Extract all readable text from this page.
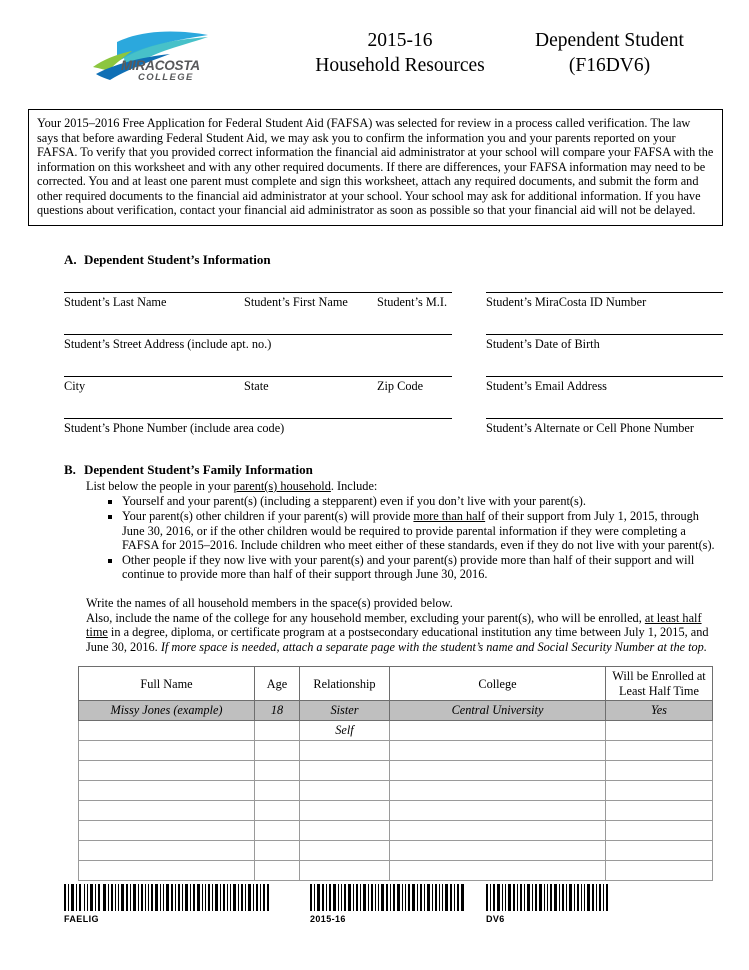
MIRACOSTA
COLLEGE
2015-16
Household Resources
Dependent Student
(F16DV6)
Your 2015–2016 Free Application for Federal Student Aid (FAFSA) was selected for review in a process called verification. The law says that before awarding Federal Student Aid, we may ask you to confirm the information you and your parents reported on your FAFSA. To verify that you provided correct information the financial aid administrator at your school will compare your FAFSA with the information on this worksheet and with any other required documents. If there are differences, your FAFSA information may need to be corrected. You and at least one parent must complete and sign this worksheet, attach any required documents, and submit the form and other required documents to the financial aid administrator at your school. Your school may ask for additional information. If you have questions about verification, contact your financial aid administrator as soon as possible so that your financial aid will not be delayed.
A. Dependent Student’s Information
Student’s Last Name	Student’s First Name	Student’s M.I.	Student’s MiraCosta ID Number
Student’s Street Address (include apt. no.)	Student’s Date of Birth
City	State	Zip Code	Student’s Email Address
Student’s Phone Number (include area code)	Student’s Alternate or Cell Phone Number
B. Dependent Student’s Family Information
List below the people in your parent(s) household. Include:
Yourself and your parent(s) (including a stepparent) even if you don’t live with your parent(s).
Your parent(s) other children if your parent(s) will provide more than half of their support from July 1, 2015, through June 30, 2016, or if the other children would be required to provide parental information if they were completing a FAFSA for 2015–2016. Include children who meet either of these standards, even if they do not live with your parent(s).
Other people if they now live with your parent(s) and your parent(s) provide more than half of their support and will continue to provide more than half of their support through June 30, 2016.
Write the names of all household members in the space(s) provided below.
Also, include the name of the college for any household member, excluding your parent(s), who will be enrolled, at least half time in a degree, diploma, or certificate program at a postsecondary educational institution any time between July 1, 2015, and June 30, 2016. If more space is needed, attach a separate page with the student’s name and Social Security Number at the top.
Full Name	Age	Relationship	College	Will be Enrolled at Least Half Time
Missy Jones (example)	18	Sister	Central University	Yes
		Self		

FAELIG	2015-16	DV6
